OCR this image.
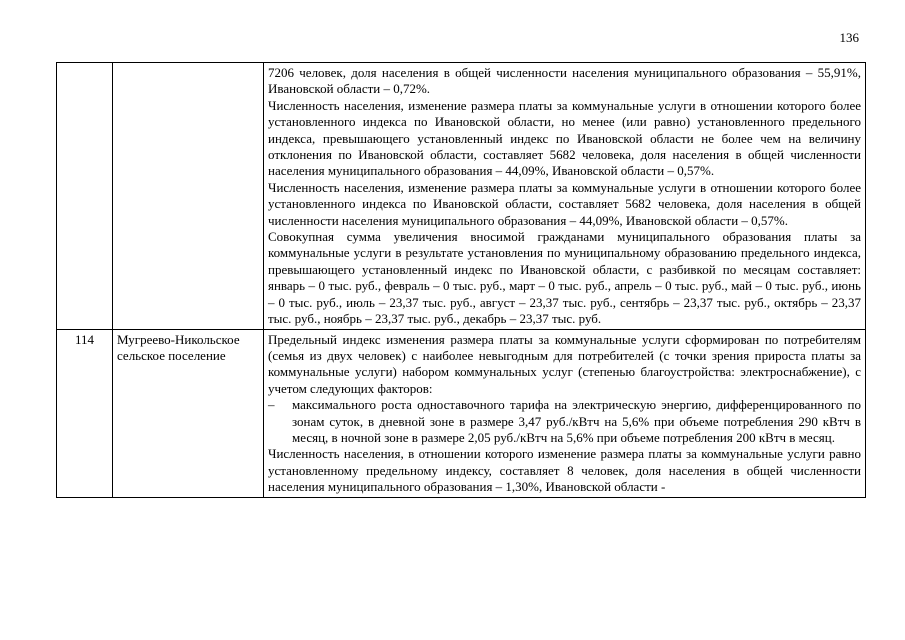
136

		7206 человек, доля населения в общей численности населения муниципального образования – 55,91%, Ивановской области – 0,72%.

Численность населения, изменение размера платы за коммунальные услуги в отношении которого более установленного индекса по Ивановской области, но менее (или равно) установленного предельного индекса, превышающего установленный индекс по Ивановской области не более чем на величину отклонения по Ивановской области, составляет 5682 человека, доля населения в общей численности населения муниципального образования – 44,09%, Ивановской области – 0,57%.

Численность населения, изменение размера платы за коммунальные услуги в отношении которого более установленного индекса по Ивановской области, составляет 5682 человека, доля населения в общей численности населения муниципального образования – 44,09%, Ивановской области – 0,57%.

Совокупная сумма увеличения вносимой гражданами муниципального образования платы за коммунальные услуги в результате установления по муниципальному образованию предельного индекса, превышающего установленный индекс по Ивановской области, с разбивкой по месяцам составляет: январь – 0 тыс. руб., февраль – 0 тыс. руб., март – 0 тыс. руб., апрель – 0 тыс. руб., май – 0 тыс. руб., июнь – 0 тыс. руб., июль – 23,37 тыс. руб., август – 23,37 тыс. руб., сентябрь – 23,37 тыс. руб., октябрь – 23,37 тыс. руб., ноябрь – 23,37 тыс. руб., декабрь – 23,37 тыс. руб.

114	Мугреево-Никольское сельское поселение	Предельный индекс изменения размера платы за коммунальные услуги сформирован по потребителям (семья из двух человек) с наиболее невыгодным для потребителей (с точки зрения прироста платы за коммунальные услуги) набором коммунальных услуг (степенью благоустройства: электроснабжение), с учетом следующих факторов:

– максимального роста одноставочного тарифа на электрическую энергию, дифференцированного по зонам суток, в дневной зоне в размере 3,47 руб./кВтч на 5,6% при объеме потребления 290 кВтч в месяц, в ночной зоне в размере 2,05 руб./кВтч на 5,6% при объеме потребления 200 кВтч в месяц.

Численность населения, в отношении которого изменение размера платы за коммунальные услуги равно установленному предельному индексу, составляет 8 человек, доля населения в общей численности населения муниципального образования – 1,30%, Ивановской области -
